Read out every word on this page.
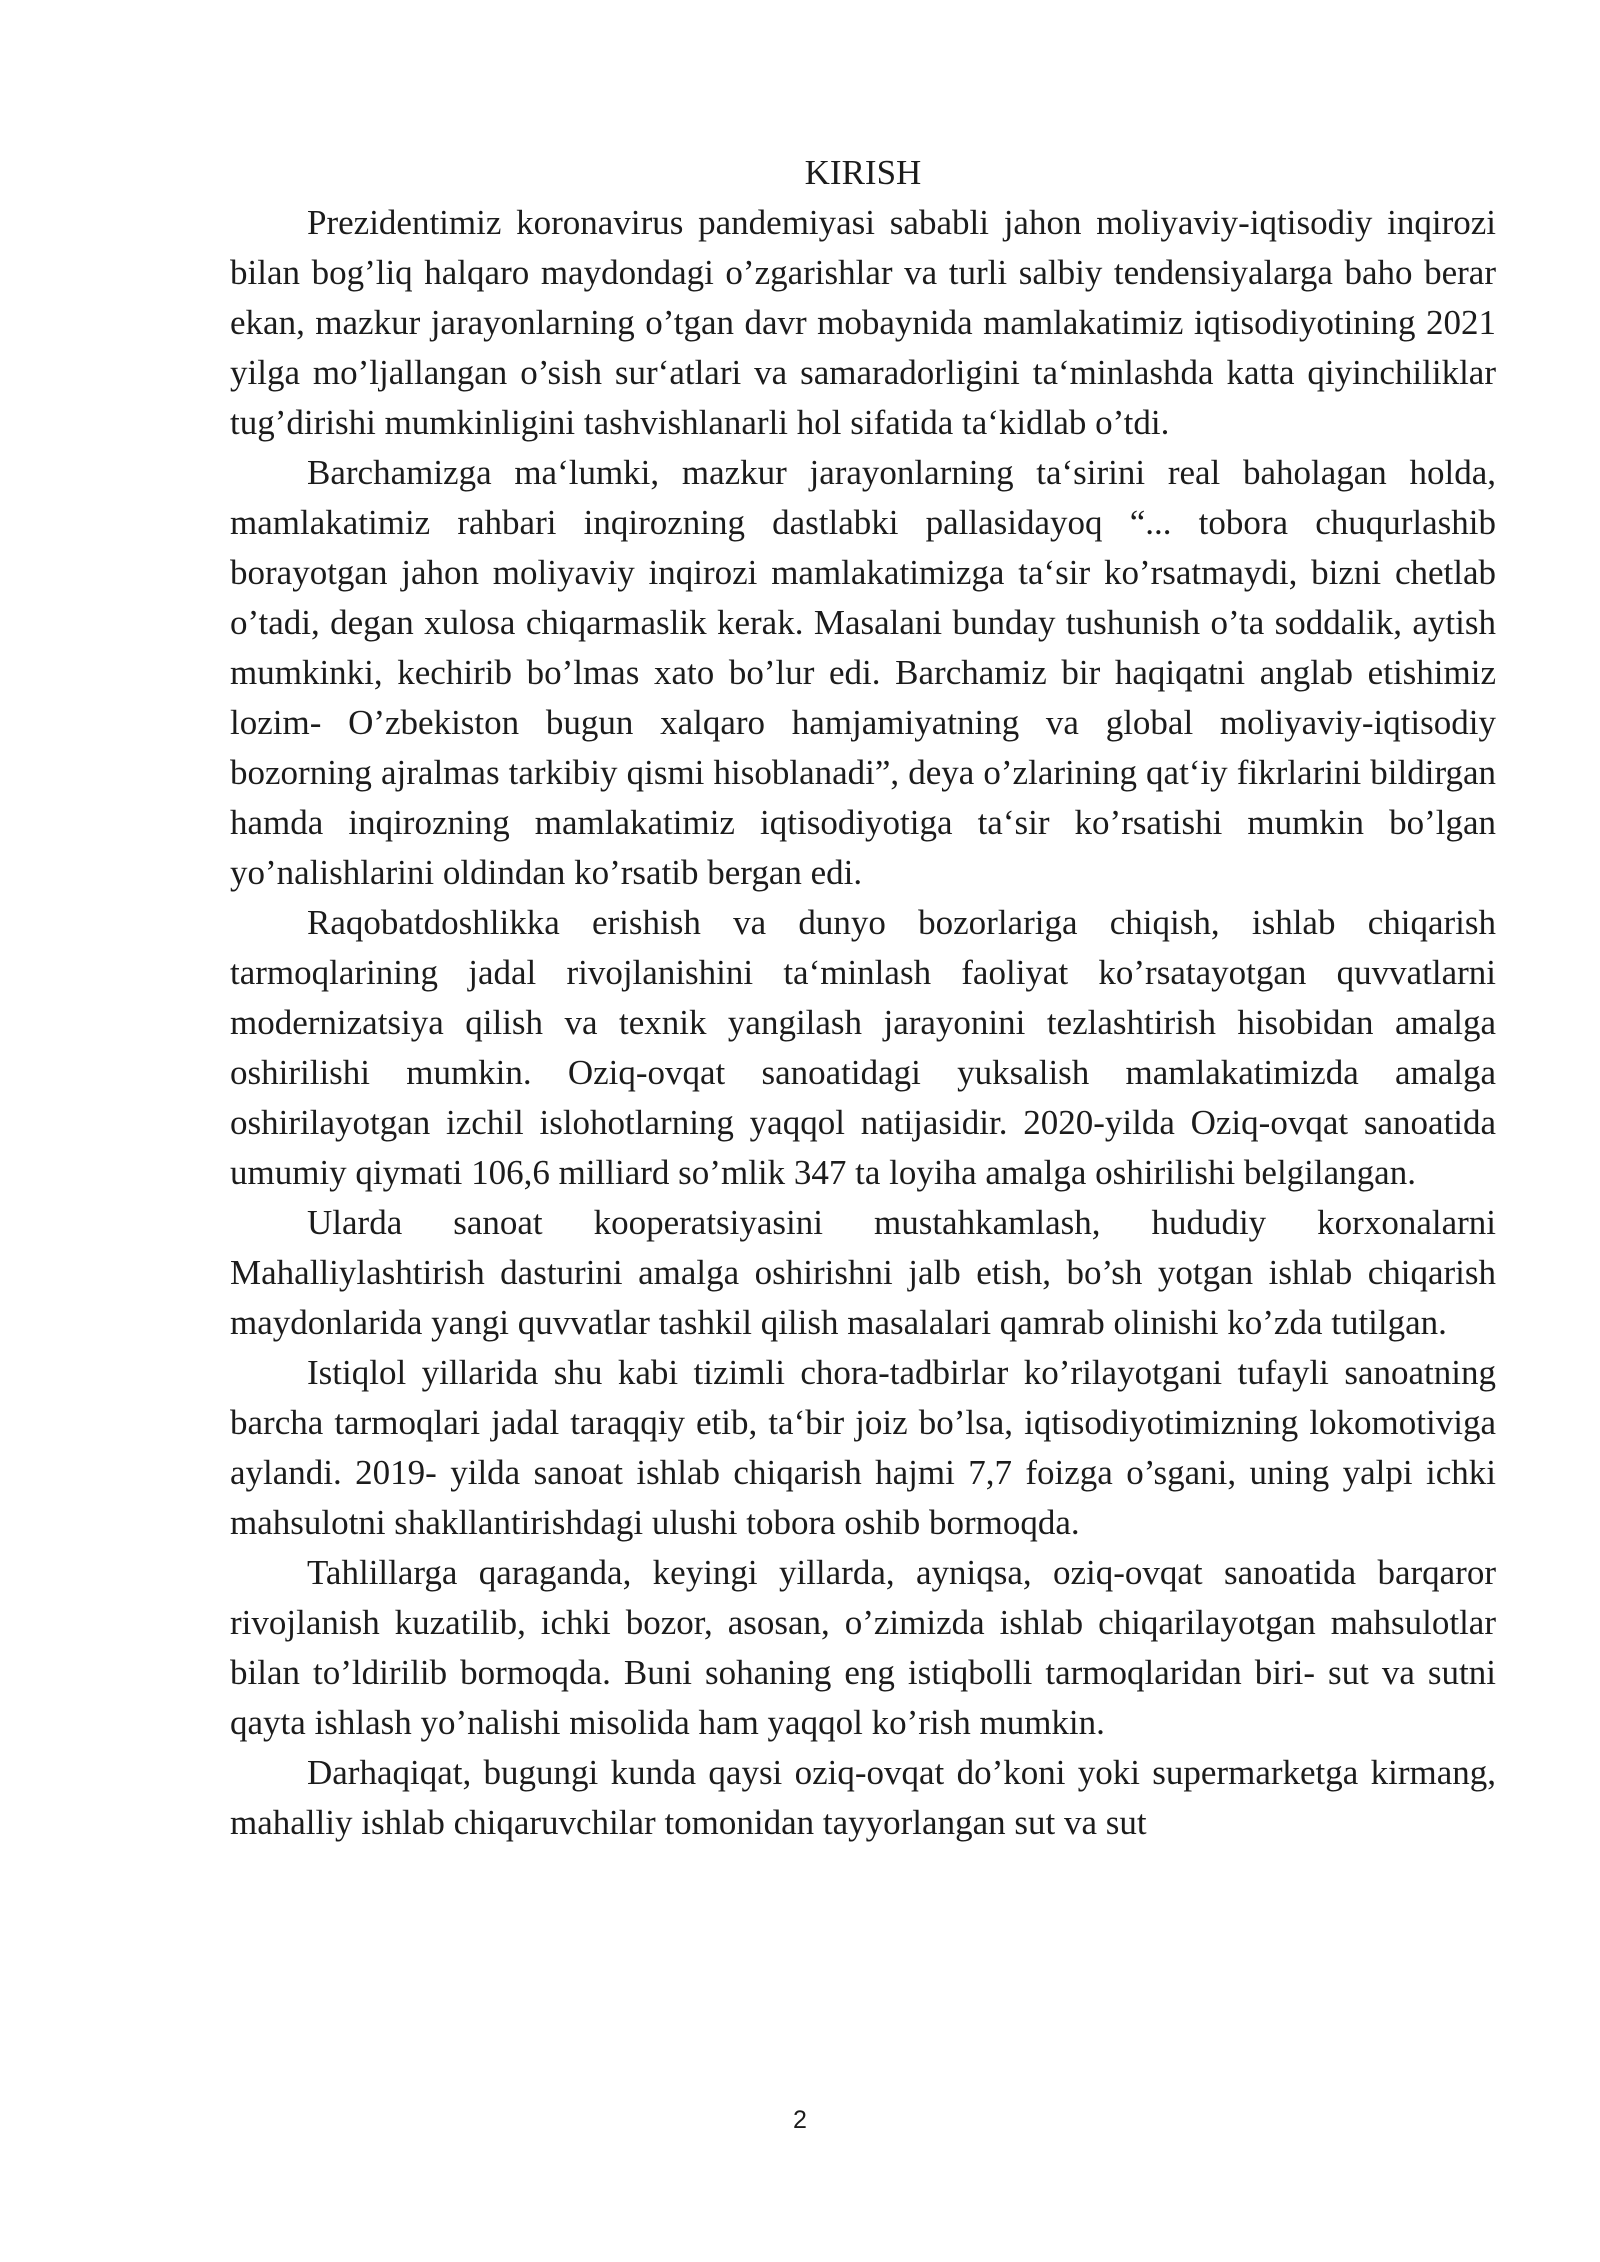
KIRISH

Prezidentimiz koronavirus pandemiyasi sababli jahon moliyaviy-iqtisodiy inqirozi bilan bog’liq halqaro maydondagi o’zgarishlar va turli salbiy tendensiyalarga baho berar ekan, mazkur jarayonlarning o’tgan davr mobaynida mamlakatimiz iqtisodiyotining 2021 yilga mo’ljallangan o’sish sur‘atlari va samaradorligini ta‘minlashda katta qiyinchiliklar tug’dirishi mumkinligini tashvishlanarli hol sifatida ta‘kidlab o’tdi.

Barchamizga ma‘lumki, mazkur jarayonlarning ta‘sirini real baholagan holda, mamlakatimiz rahbari inqirozning dastlabki pallasidayoq “... tobora chuqurlashib borayotgan jahon moliyaviy inqirozi mamlakatimizga ta‘sir ko’rsatmaydi, bizni chetlab o’tadi, degan xulosa chiqarmaslik kerak. Masalani bunday tushunish o’ta soddalik, aytish mumkinki, kechirib bo’lmas xato bo’lur edi. Barchamiz bir haqiqatni anglab etishimiz lozim- O’zbekiston bugun xalqaro hamjamiyatning va global moliyaviy-iqtisodiy bozorning ajralmas tarkibiy qismi hisoblanadi”, deya o’zlarining qat‘iy fikrlarini bildirgan hamda inqirozning mamlakatimiz iqtisodiyotiga ta‘sir ko’rsatishi mumkin bo’lgan yo’nalishlarini oldindan ko’rsatib bergan edi.

Raqobatdoshlikka erishish va dunyo bozorlariga chiqish, ishlab chiqarish tarmoqlarining jadal rivojlanishini ta‘minlash faoliyat ko’rsatayotgan quvvatlarni modernizatsiya qilish va texnik yangilash jarayonini tezlashtirish hisobidan amalga oshirilishi mumkin. Oziq-ovqat sanoatidagi yuksalish mamlakatimizda amalga oshirilayotgan izchil islohotlarning yaqqol natijasidir. 2020-yilda Oziq-ovqat sanoatida umumiy qiymati 106,6 milliard so’mlik 347 ta loyiha amalga oshirilishi belgilangan.

Ularda sanoat kooperatsiyasini mustahkamlash, hududiy korxonalarni Mahalliylashtirish dasturini amalga oshirishni jalb etish, bo’sh yotgan ishlab chiqarish maydonlarida yangi quvvatlar tashkil qilish masalalari qamrab olinishi ko’zda tutilgan.

Istiqlol yillarida shu kabi tizimli chora-tadbirlar ko’rilayotgani tufayli sanoatning barcha tarmoqlari jadal taraqqiy etib, ta‘bir joiz bo’lsa, iqtisodiyotimizning lokomotiviga aylandi. 2019- yilda sanoat ishlab chiqarish hajmi 7,7 foizga o’sgani, uning yalpi ichki mahsulotni shakllantirishdagi ulushi tobora oshib bormoqda.

Tahlillarga qaraganda, keyingi yillarda, ayniqsa, oziq-ovqat sanoatida barqaror rivojlanish kuzatilib, ichki bozor, asosan, o’zimizda ishlab chiqarilayotgan mahsulotlar bilan to’ldirilib bormoqda. Buni sohaning eng istiqbolli tarmoqlaridan biri- sut va sutni qayta ishlash yo’nalishi misolida ham yaqqol ko’rish mumkin.

Darhaqiqat, bugungi kunda qaysi oziq-ovqat do’koni yoki supermarketga kirmang, mahalliy ishlab chiqaruvchilar tomonidan tayyorlangan sut va sut

2
